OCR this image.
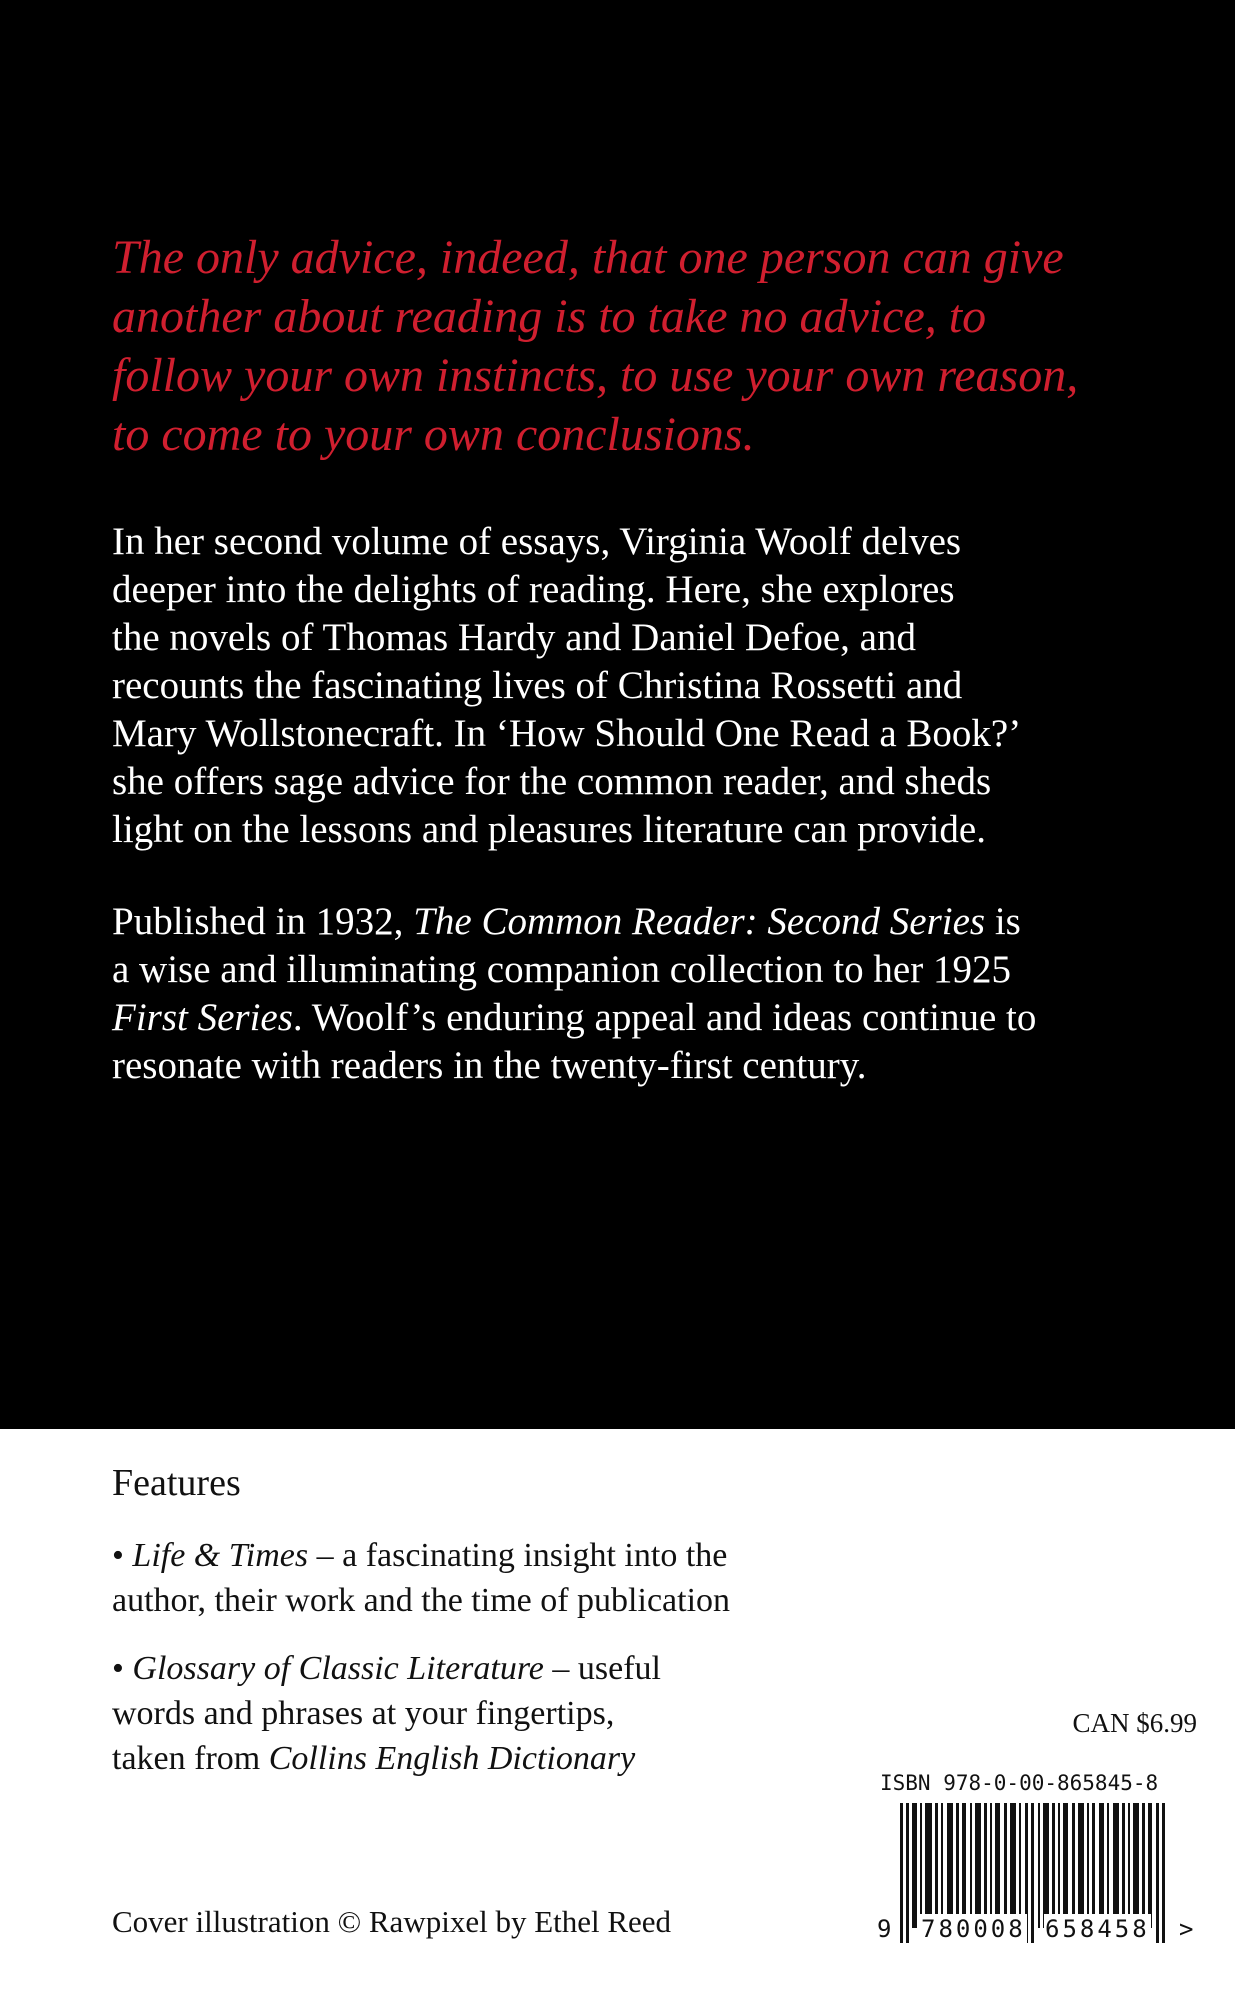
The only advice, indeed, that one person can give
another about reading is to take no advice, to
follow your own instincts, to use your own reason,
to come to your own conclusions.

In her second volume of essays, Virginia Woolf delves
deeper into the delights of reading. Here, she explores
the novels of Thomas Hardy and Daniel Defoe, and
recounts the fascinating lives of Christina Rossetti and
Mary Wollstonecraft. In ‘How Should One Read a Book?’
she offers sage advice for the common reader, and sheds
light on the lessons and pleasures literature can provide.

Published in 1932, The Common Reader: Second Series is
a wise and illuminating companion collection to her 1925
First Series. Woolf’s enduring appeal and ideas continue to
resonate with readers in the twenty-first century.

Features

• Life & Times – a fascinating insight into the
author, their work and the time of publication

• Glossary of Classic Literature – useful
words and phrases at your fingertips,
taken from Collins English Dictionary

Cover illustration © Rawpixel by Ethel Reed
CAN $6.99
ISBN 978-0-00-865845-8
9 780008 658458 >
